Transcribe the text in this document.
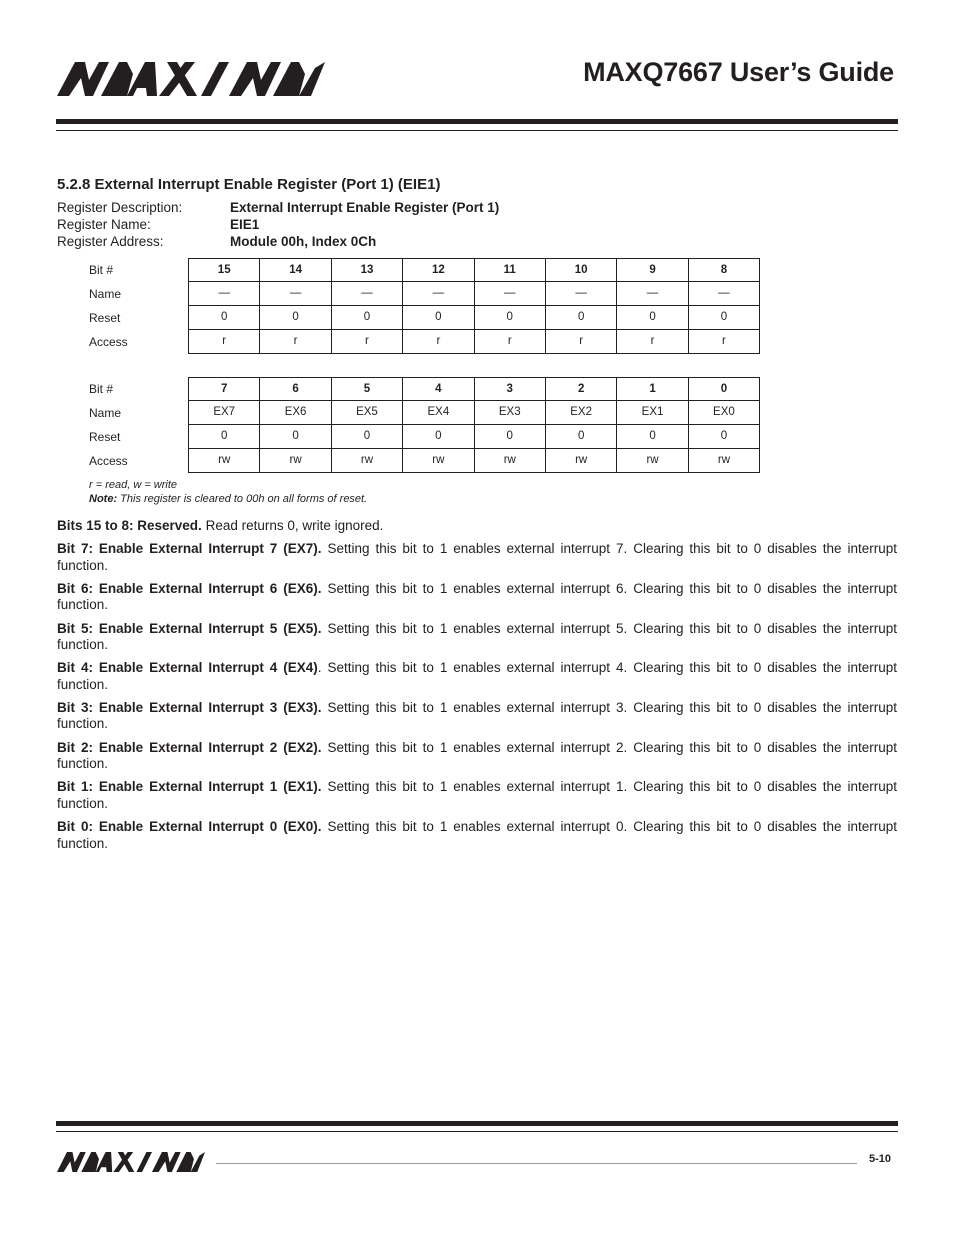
MAXQ7667 User’s Guide
5.2.8 External Interrupt Enable Register (Port 1) (EIE1)
Register Description:	External Interrupt Enable Register (Port 1)
Register Name:	EIE1
Register Address:	Module 00h, Index 0Ch
Bit #	15	14	13	12	11	10	9	8
Name	—	—	—	—	—	—	—	—
Reset	0	0	0	0	0	0	0	0
Access	r	r	r	r	r	r	r	r
Bit #	7	6	5	4	3	2	1	0
Name	EX7	EX6	EX5	EX4	EX3	EX2	EX1	EX0
Reset	0	0	0	0	0	0	0	0
Access	rw	rw	rw	rw	rw	rw	rw	rw
r = read, w = write
Note: This register is cleared to 00h on all forms of reset.

Bits 15 to 8: Reserved. Read returns 0, write ignored.

Bit 7: Enable External Interrupt 7 (EX7). Setting this bit to 1 enables external interrupt 7. Clearing this bit to 0 disables the interrupt function.

Bit 6: Enable External Interrupt 6 (EX6). Setting this bit to 1 enables external interrupt 6. Clearing this bit to 0 disables the interrupt function.

Bit 5: Enable External Interrupt 5 (EX5). Setting this bit to 1 enables external interrupt 5. Clearing this bit to 0 disables the interrupt function.

Bit 4: Enable External Interrupt 4 (EX4). Setting this bit to 1 enables external interrupt 4. Clearing this bit to 0 disables the interrupt function.

Bit 3: Enable External Interrupt 3 (EX3). Setting this bit to 1 enables external interrupt 3. Clearing this bit to 0 disables the interrupt function.

Bit 2: Enable External Interrupt 2 (EX2). Setting this bit to 1 enables external interrupt 2. Clearing this bit to 0 disables the interrupt function.

Bit 1: Enable External Interrupt 1 (EX1). Setting this bit to 1 enables external interrupt 1. Clearing this bit to 0 disables the interrupt function.

Bit 0: Enable External Interrupt 0 (EX0). Setting this bit to 1 enables external interrupt 0. Clearing this bit to 0 disables the interrupt function.

5-10
